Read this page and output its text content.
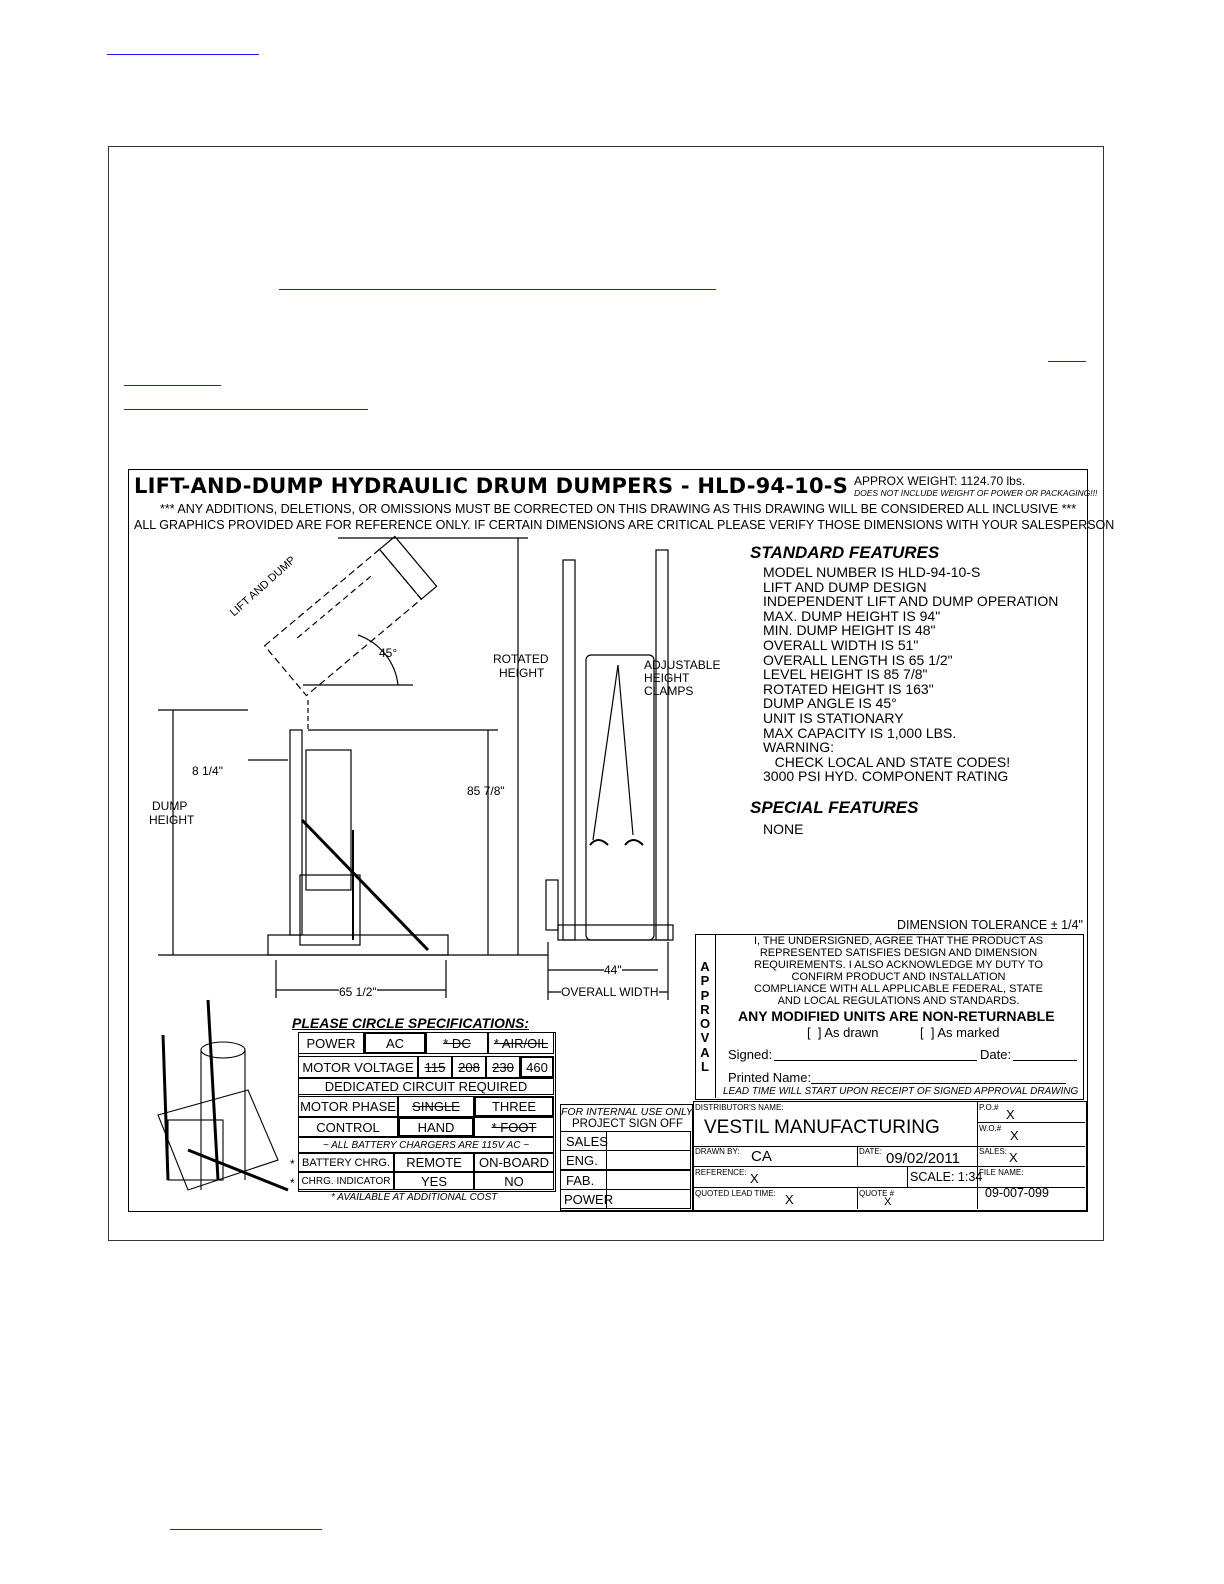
LIFT-AND-DUMP HYDRAULIC DRUM DUMPERS - HLD-94-10-S APPROX WEIGHT: 1124.70 lbs.
DOES NOT INCLUDE WEIGHT OF POWER OR PACKAGING!!!
*** ANY ADDITIONS, DELETIONS, OR OMISSIONS MUST BE CORRECTED ON THIS DRAWING AS THIS DRAWING WILL BE CONSIDERED ALL INCLUSIVE ***
ALL GRAPHICS PROVIDED ARE FOR REFERENCE ONLY. IF CERTAIN DIMENSIONS ARE CRITICAL PLEASE VERIFY THOSE DIMENSIONS WITH YOUR SALESPERSON
LIFT AND DUMP
45°	ROTATED
HEIGHT
85 7/8"
8 1/4"
DUMP
HEIGHT
65 1/2"
44"
OVERALL WIDTH
ADJUSTABLE
HEIGHT
CLAMPS
STANDARD FEATURES
MODEL NUMBER IS HLD-94-10-S
LIFT AND DUMP DESIGN
INDEPENDENT LIFT AND DUMP OPERATION
MAX. DUMP HEIGHT IS 94"
MIN. DUMP HEIGHT IS 48"
OVERALL WIDTH IS 51"
OVERALL LENGTH IS 65 1/2"
LEVEL HEIGHT IS 85 7/8"
ROTATED HEIGHT IS 163"
DUMP ANGLE IS 45°
UNIT IS STATIONARY
MAX CAPACITY IS 1,000 LBS.
WARNING:
CHECK LOCAL AND STATE CODES!
3000 PSI HYD. COMPONENT RATING
SPECIAL FEATURES
NONE
DIMENSION TOLERANCE ± 1/4"
A
P
P
R
O
V
A
L
I, THE UNDERSIGNED, AGREE THAT THE PRODUCT AS
REPRESENTED SATISFIES DESIGN AND DIMENSION
REQUIREMENTS. I ALSO ACKNOWLEDGE MY DUTY TO
CONFIRM PRODUCT AND INSTALLATION
COMPLIANCE WITH ALL APPLICABLE FEDERAL, STATE
AND LOCAL REGULATIONS AND STANDARDS.
ANY MODIFIED UNITS ARE NON-RETURNABLE
[  ] As drawn	[  ] As marked
Signed:	Date:
Printed Name:
LEAD TIME WILL START UPON RECEIPT OF SIGNED APPROVAL DRAWING
PLEASE CIRCLE SPECIFICATIONS:
POWER	AC	* DC	* AIR/OIL
MOTOR VOLTAGE 115 208 230 460
DEDICATED CIRCUIT REQUIRED
MOTOR PHASE	SINGLE	THREE
CONTROL	HAND	* FOOT
~ ALL BATTERY CHARGERS ARE 115V AC ~
* BATTERY CHRG.	REMOTE	ON-BOARD
* CHRG. INDICATOR	YES	NO
* AVAILABLE AT ADDITIONAL COST
FOR INTERNAL USE ONLY
PROJECT SIGN OFF
SALES
ENG.
FAB.
POWER
DISTRIBUTOR'S NAME:
VESTIL MANUFACTURING
P.O.# X
W.O.# X
DRAWN BY: CA	DATE: 09/02/2011 SALES: X
REFERENCE: X	SCALE: 1:34
FILE NAME:
09-007-099
QUOTED LEAD TIME: X	QUOTE #
X
